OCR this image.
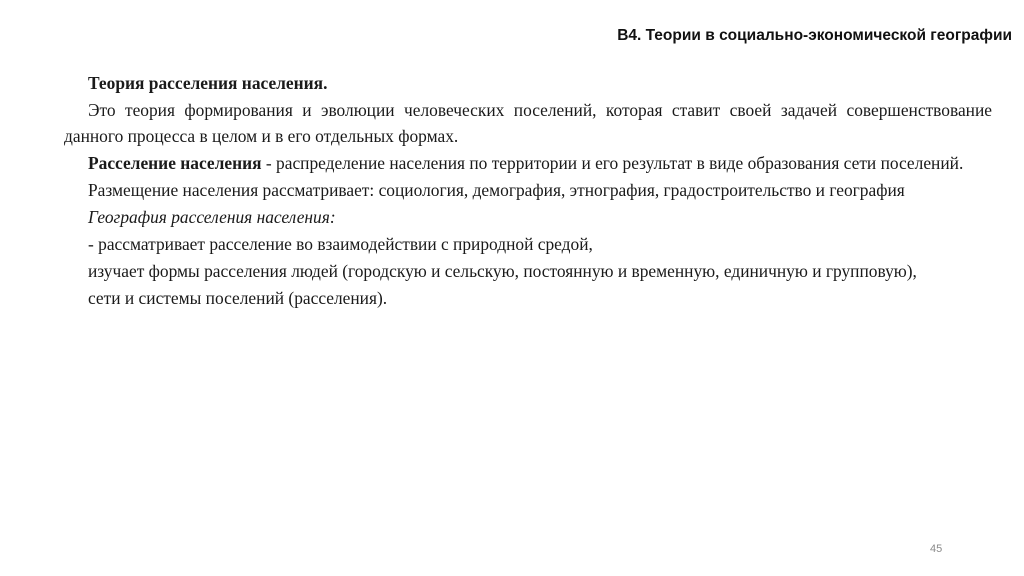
В4. Теории в социально-экономической географии

Теория расселения населения.

Это теория формирования и эволюции человеческих поселений, которая ставит своей задачей совершенствование данного процесса в целом и в его отдельных формах.

Расселение населения - распределение населения по территории и его результат в виде образования сети поселений.

Размещение населения рассматривает: социология, демография, этнография, градостроительство и география

География расселения населения:

- рассматривает расселение во взаимодействии с природной средой,

изучает формы расселения людей (городскую и сельскую, постоянную и временную, единичную и групповую),

сети и системы поселений (расселения).

45
